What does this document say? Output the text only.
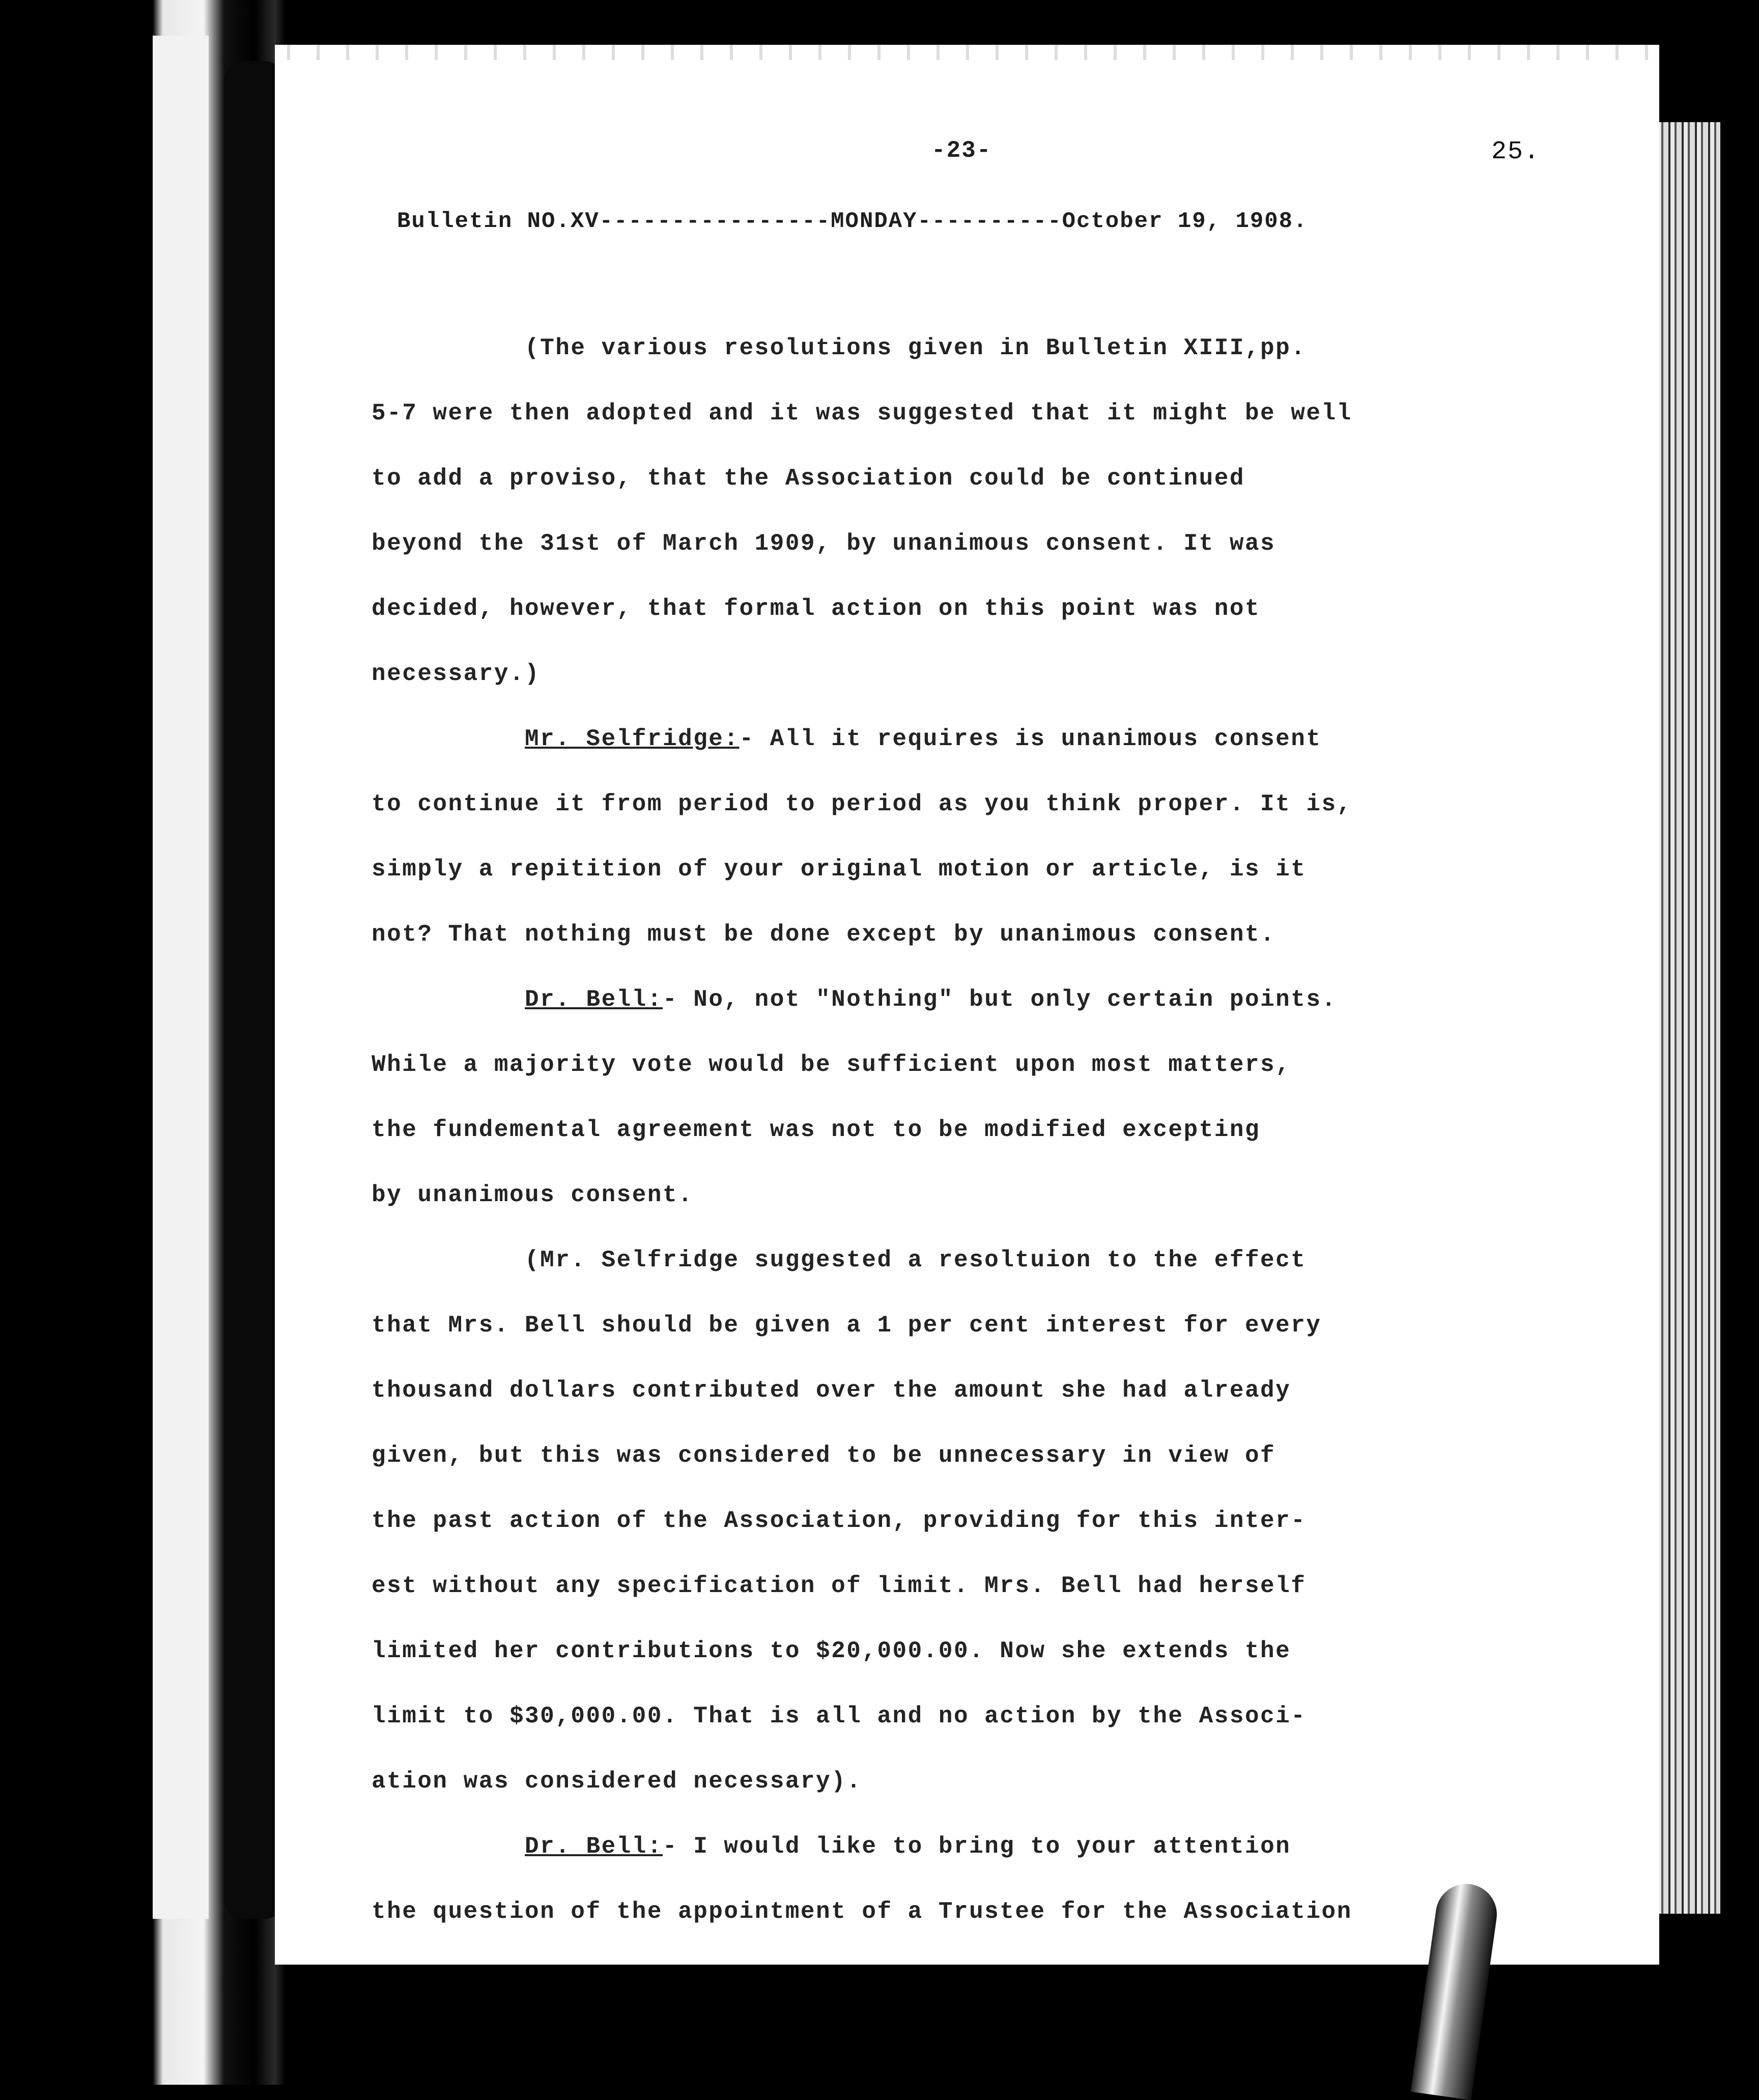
-23-	25.
Bulletin NO.XV----------------MONDAY----------October 19, 1908.
(The various resolutions given in Bulletin XIII,pp.
5-7 were then adopted and it was suggested that it might be well
to add a proviso, that the Association could be continued
beyond the 31st of March 1909, by unanimous consent. It was
decided, however, that formal action on this point was not
necessary.)
Mr. Selfridge:- All it requires is unanimous consent
to continue it from period to period as you think proper. It is,
simply a repitition of your original motion or article, is it
not? That nothing must be done except by unanimous consent.
Dr. Bell:- No, not "Nothing" but only certain points.
While a majority vote would be sufficient upon most matters,
the fundemental agreement was not to be modified excepting
by unanimous consent.
(Mr. Selfridge suggested a resoltuion to the effect
that Mrs. Bell should be given a 1 per cent interest for every
thousand dollars contributed over the amount she had already
given, but this was considered to be unnecessary in view of
the past action of the Association, providing for this inter-
est without any specification of limit. Mrs. Bell had herself
limited her contributions to $20,000.00. Now she extends the
limit to $30,000.00. That is all and no action by the Associ-
ation was considered necessary).
Dr. Bell:- I would like to bring to your attention
the question of the appointment of a Trustee for the Association
